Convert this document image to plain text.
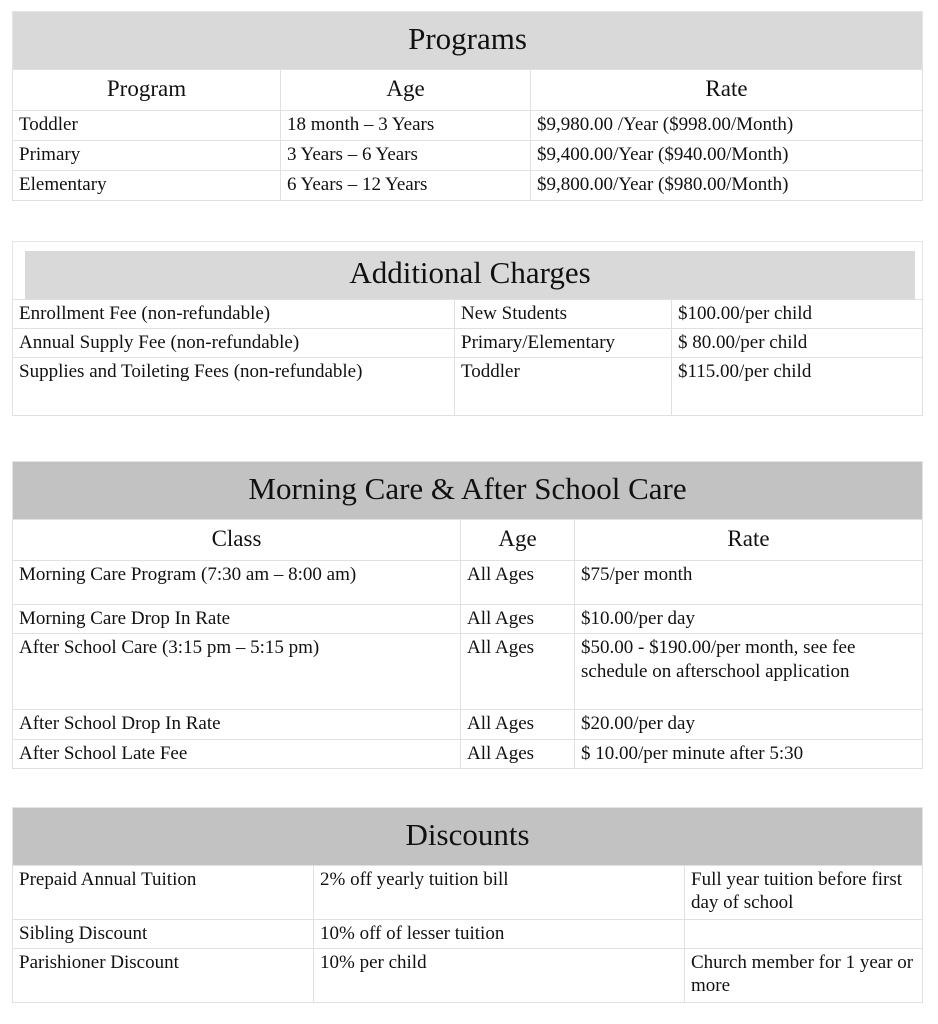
Programs		
Program	Age	Rate
Toddler	18 month – 3 Years	$9,980.00 /Year ($998.00/Month)
Primary	3 Years – 6 Years	$9,400.00/Year ($940.00/Month)
Elementary	6 Years – 12 Years	$9,800.00/Year ($980.00/Month)
Additional Charges		

Enrollment Fee (non-refundable)	New Students	$100.00/per child
Annual Supply Fee (non-refundable)	Primary/Elementary	$ 80.00/per child
Supplies and Toileting Fees (non-refundable)	Toddler	$115.00/per child
Morning Care & After School Care		
Class	Age	Rate
Morning Care Program (7:30 am – 8:00 am)	All Ages	$75/per month
Morning Care Drop In Rate	All Ages	$10.00/per day
After School Care (3:15 pm – 5:15 pm)	All Ages	$50.00 - $190.00/per month, see fee schedule on afterschool application
After School Drop In Rate	All Ages	$20.00/per day
After School Late Fee	All Ages	$ 10.00/per minute after 5:30
Discounts		
Prepaid Annual Tuition	2% off yearly tuition bill	Full year tuition before first day of school
Sibling Discount	10% off of lesser tuition	
Parishioner Discount	10% per child	Church member for 1 year or more
